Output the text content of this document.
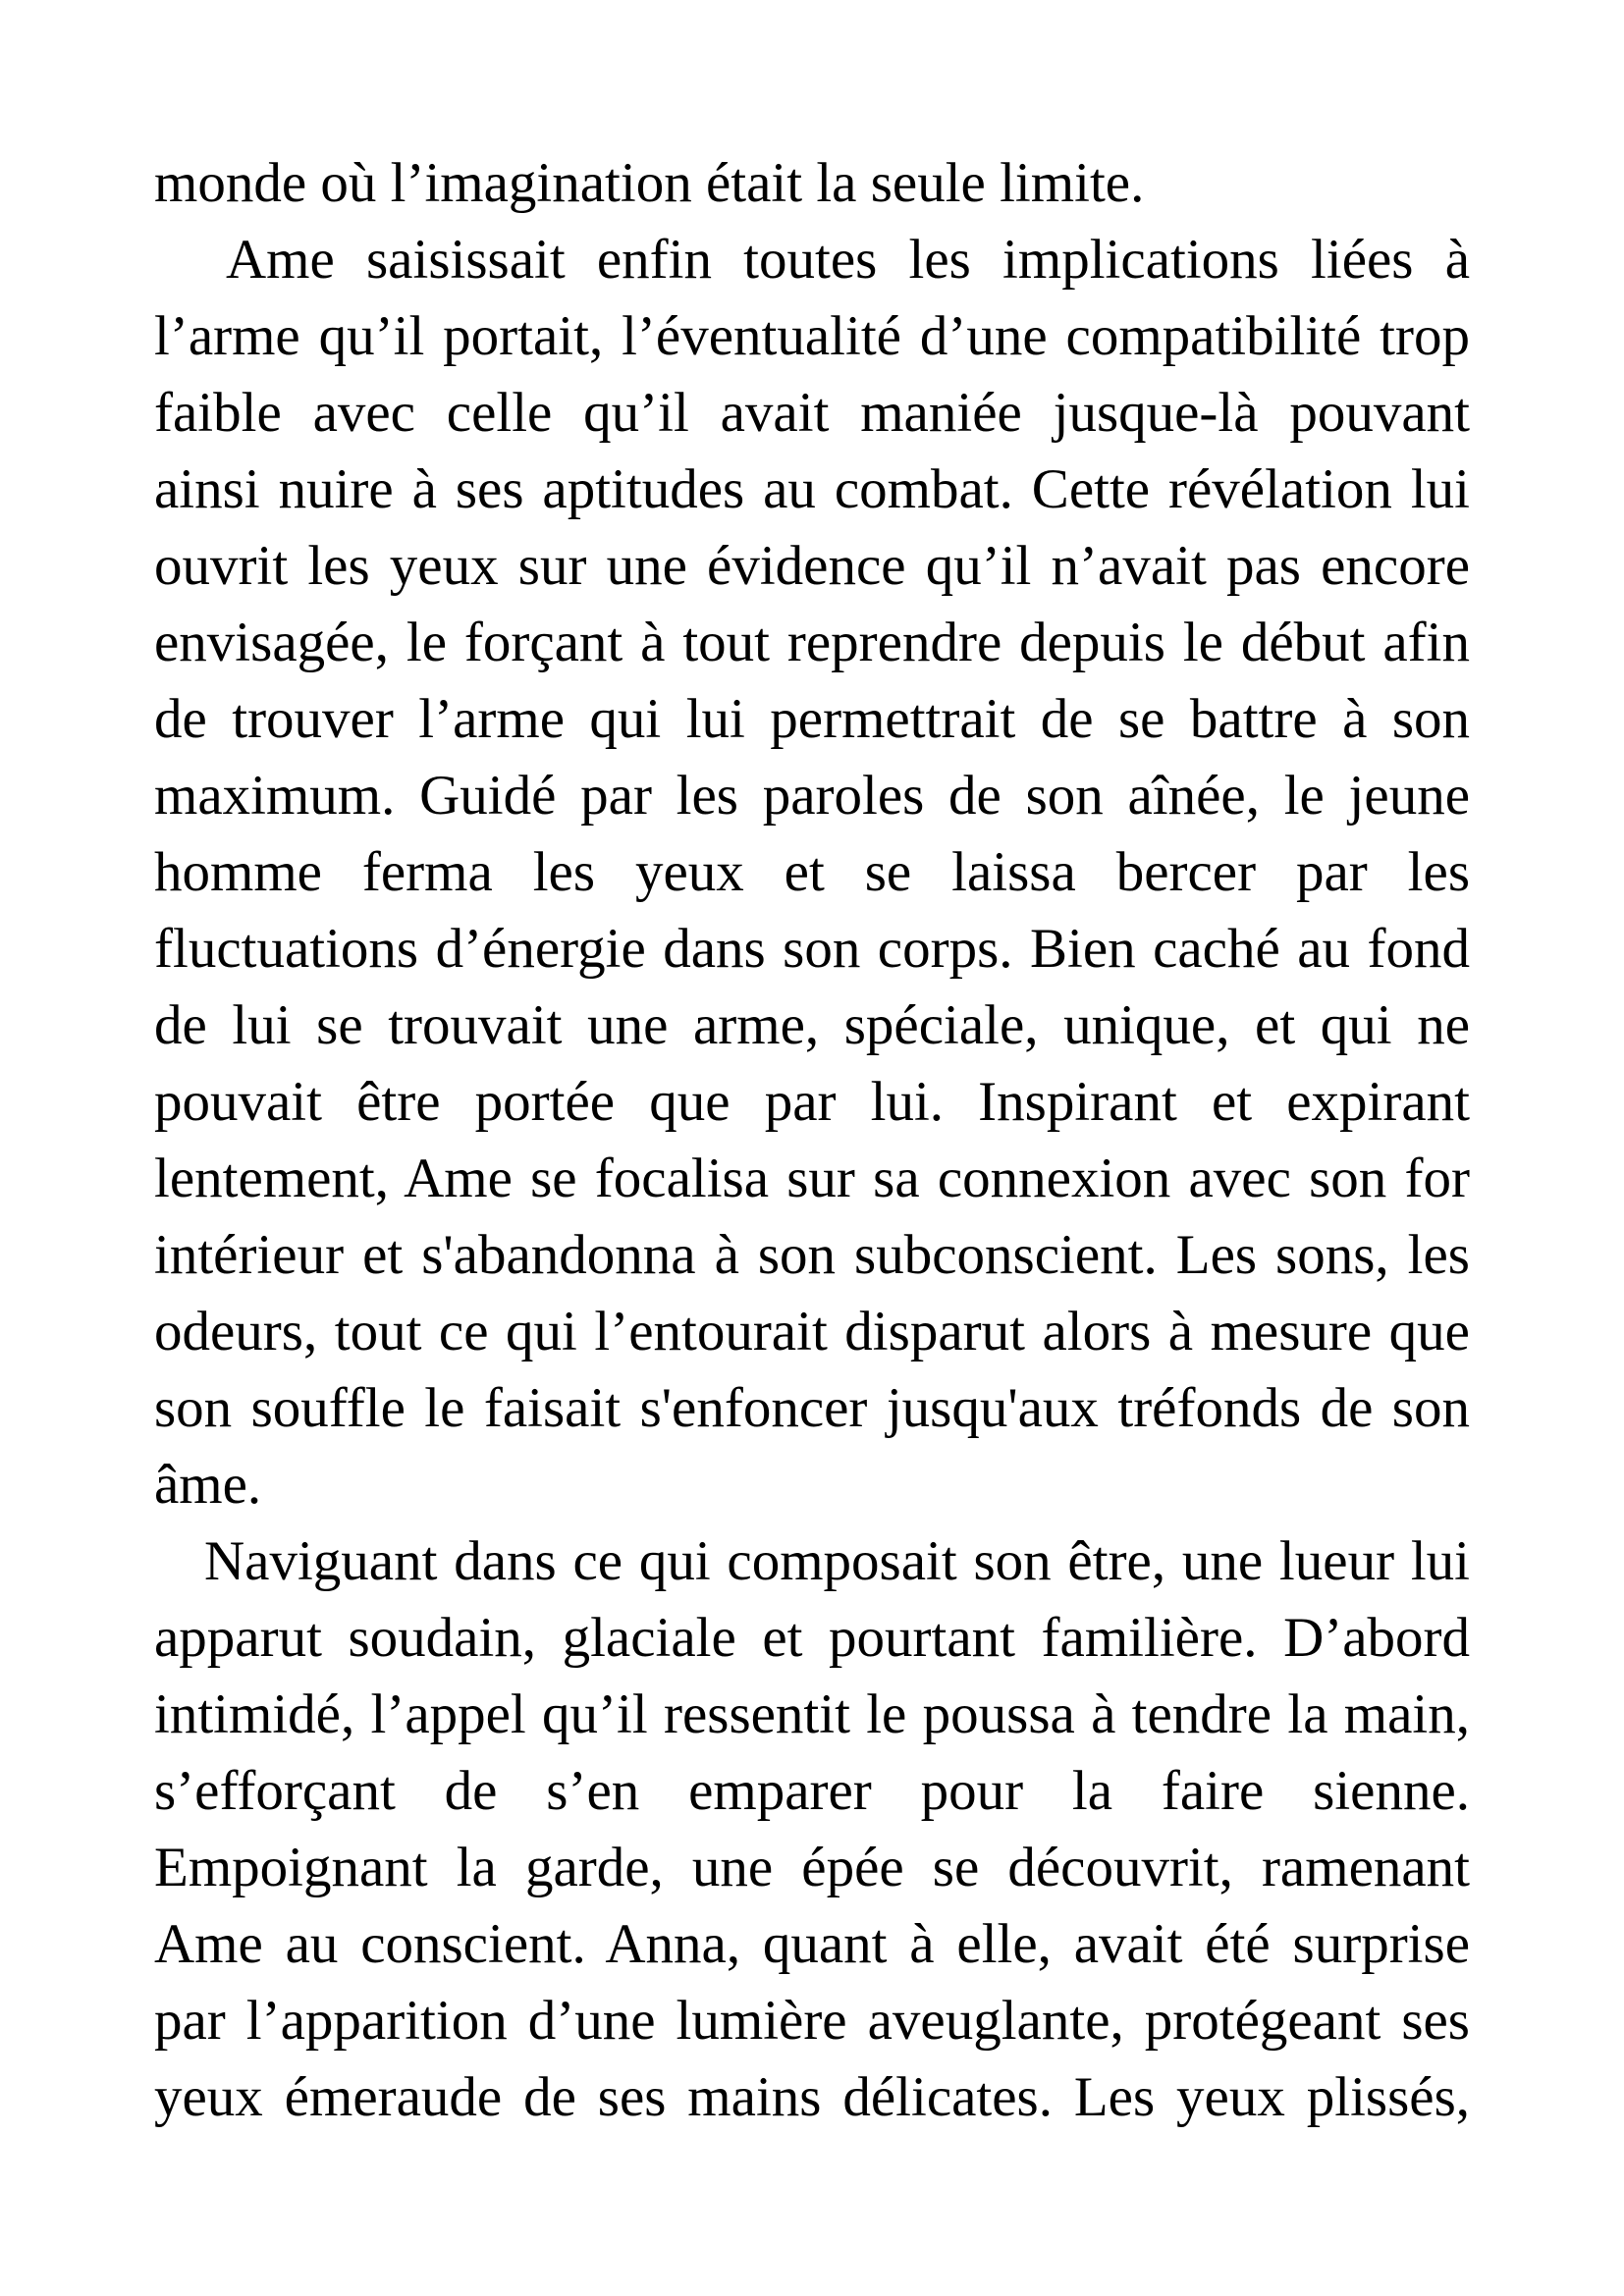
monde où l’imagination était la seule limite.
Ame saisissait enfin toutes les implications liées à
l’arme qu’il portait, l’éventualité d’une compatibilité trop
faible avec celle qu’il avait maniée jusque-là pouvant
ainsi nuire à ses aptitudes au combat. Cette révélation lui
ouvrit les yeux sur une évidence qu’il n’avait pas encore
envisagée, le forçant à tout reprendre depuis le début afin
de trouver l’arme qui lui permettrait de se battre à son
maximum. Guidé par les paroles de son aînée, le jeune
homme ferma les yeux et se laissa bercer par les
fluctuations d’énergie dans son corps. Bien caché au fond
de lui se trouvait une arme, spéciale, unique, et qui ne
pouvait être portée que par lui. Inspirant et expirant
lentement, Ame se focalisa sur sa connexion avec son for
intérieur et s'abandonna à son subconscient. Les sons, les
odeurs, tout ce qui l’entourait disparut alors à mesure que
son souffle le faisait s'enfoncer jusqu'aux tréfonds de son
âme.
Naviguant dans ce qui composait son être, une lueur lui
apparut soudain, glaciale et pourtant familière. D’abord
intimidé, l’appel qu’il ressentit le poussa à tendre la main,
s’efforçant de s’en emparer pour la faire sienne.
Empoignant la garde, une épée se découvrit, ramenant
Ame au conscient. Anna, quant à elle, avait été surprise
par l’apparition d’une lumière aveuglante, protégeant ses
yeux émeraude de ses mains délicates. Les yeux plissés,
